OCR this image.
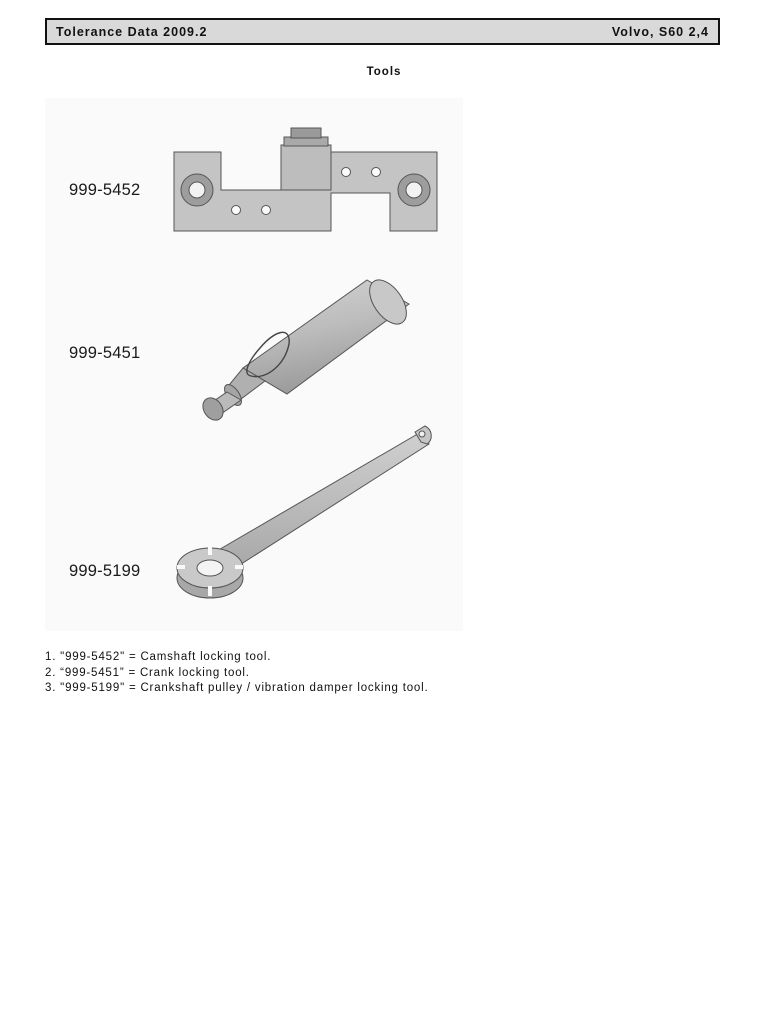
Tolerance Data 2009.2	Volvo, S60 2,4
Tools
999-5452
999-5451
999-5199
1. "999-5452" = Camshaft locking tool.
2. “999-5451” = Crank locking tool.
3. "999-5199" = Crankshaft pulley / vibration damper locking tool.
